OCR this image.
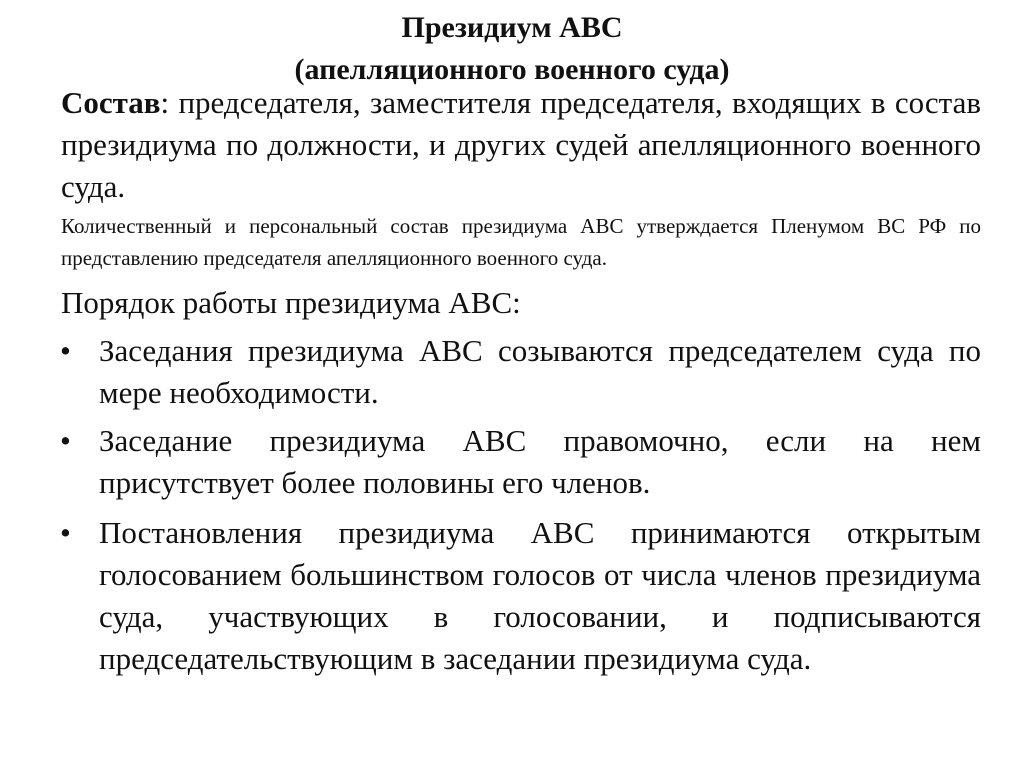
Президиум АВС
(апелляционного военного суда)

Состав: председателя, заместителя председателя, входящих в состав президиума по должности, и других судей апелляционного военного суда.

Количественный и персональный состав президиума АВС утверждается Пленумом ВС РФ по представлению председателя апелляционного военного суда.

Порядок работы президиума АВС:

• Заседания президиума АВС созываются председателем суда по мере необходимости.

• Заседание президиума АВС правомочно, если на нем присутствует более половины его членов.

• Постановления президиума АВС принимаются открытым голосованием большинством голосов от числа членов президиума суда, участвующих в голосовании, и подписываются председательствующим в заседании президиума суда.
